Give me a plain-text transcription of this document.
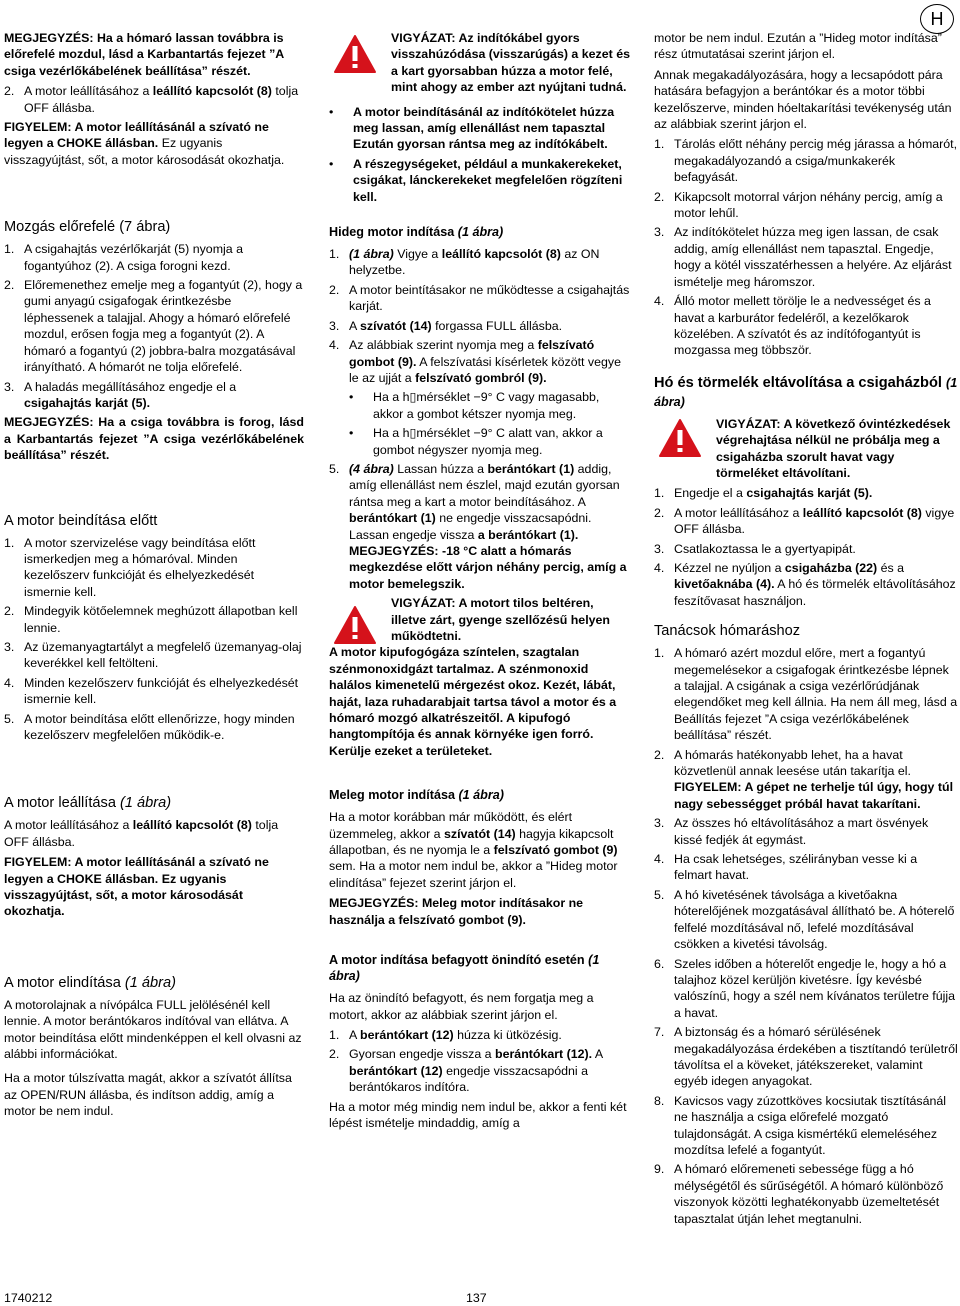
H

MEGJEGYZÉS: Ha a hómaró lassan továbbra is előrefelé mozdul, lásd a Karbantartás fejezet ”A csiga vezérlőkábelének beállítása” részét.

2. A motor leállításához a leállító kapcsolót (8) tolja OFF állásba.

FIGYELEM: A motor leállításánál a szívató ne legyen a CHOKE állásban. Ez ugyanis visszagyújtást, sőt, a motor károsodását okozhatja.

Mozgás előrefelé (7 ábra)
1. A csigahajtás vezérlőkarját (5) nyomja a fogantyúhoz (2). A csiga forogni kezd.
2. Előremenethez emelje meg a fogantyút (2), hogy a gumi anyagú csigafogak érintkezésbe léphessenek a talajjal. Ahogy a hómaró előrefelé mozdul, erősen fogja meg a fogantyút (2). A hómaró a fogantyú (2) jobbra-balra mozgatásával irányítható. A hómarót ne tolja előrefelé.
3. A haladás megállításához engedje el a csigahajtás karját (5).

MEGJEGYZÉS: Ha a csiga továbbra is forog, lásd a Karbantartás fejezet ”A csiga vezérlőkábelének beállítása” részét.

A motor beindítása előtt
1. A motor szervizelése vagy beindítása előtt ismerkedjen meg a hómaróval. Minden kezelőszerv funkcióját és elhelyezkedését ismernie kell.
2. Mindegyik kötőelemnek meghúzott állapotban kell lennie.
3. Az üzemanyagtartályt a megfelelő üzemanyag-olaj keverékkel kell feltölteni.
4. Minden kezelőszerv funkcióját és elhelyezkedését ismernie kell.
5. A motor beindítása előtt ellenőrizze, hogy minden kezelőszerv megfelelően működik-e.
A motor leállítása (1 ábra)

A motor leállításához a leállító kapcsolót (8) tolja OFF állásba.

FIGYELEM: A motor leállításánál a szívató ne legyen a CHOKE állásban. Ez ugyanis visszagyújtást, sőt, a motor károsodását okozhatja.

A motor elindítása (1 ábra)

A motorolajnak a nívópálca FULL jelölésénél kell lennie. A motor berántókaros indítóval van ellátva. A motor beindítása előtt mindenképpen el kell olvasni az alábbi információkat.

Ha a motor túlszívatta magát, akkor a szívatót állítsa az OPEN/RUN állásba, és indítson addig, amíg a motor be nem indul.

VIGYÁZAT: Az indítókábel gyors visszahúzódása (visszarúgás) a kezet és a kart gyorsabban húzza a motor felé, mint ahogy az ember azt nyújtani tudná.

•	A motor beindításánál az indítókötelet húzza meg lassan, amíg ellenállást nem tapasztal Ezután gyorsan rántsa meg az indítókábelt.
•	A részegységeket, például a munkakerekeket, csigákat, lánckerekeket megfelelően rögzíteni kell.
Hideg motor indítása (1 ábra)
1. (1 ábra) Vigye a leállító kapcsolót (8) az ON helyzetbe.
2. A motor beintításakor ne működtesse a csigahajtás karját.
3. A szívatót (14) forgassa FULL állásba.
4. Az alábbiak szerint nyomja meg a felszívató gombot (9). A felszívatási kísérletek között vegye le az ujját a felszívató gombról (9).
•	Ha a h▯mérséklet −9° C vagy magasabb, akkor a gombot kétszer nyomja meg.
•	Ha a h▯mérséklet −9° C alatt van, akkor a gombot négyszer nyomja meg.
5. (4 ábra) Lassan húzza a berántókart (1) addig, amíg ellenállást nem észlel, majd ezután gyorsan rántsa meg a kart a motor beindításához. A berántókart (1) ne engedje visszacsapódni. Lassan engedje vissza a berántókart (1).
MEGJEGYZÉS: -18 °C alatt a hómarás megkezdése előtt várjon néhány percig, amíg a motor bemelegszik.

VIGYÁZAT: A motort tilos beltéren, illetve zárt, gyenge szellőzésű helyen működtetni.

A motor kipufogógáza színtelen, szagtalan szénmonoxidgázt tartalmaz. A szénmonoxid halálos kimenetelű mérgezést okoz. Kezét, lábát, haját, laza ruhadarabjait tartsa távol a motor és a hómaró mozgó alkatrészeitől. A kipufogó hangtompítója és annak környéke igen forró. Kerülje ezeket a területeket.

Meleg motor indítása (1 ábra)

Ha a motor korábban már működött, és elért üzemmeleg, akkor a szívatót (14) hagyja kikapcsolt állapotban, és ne nyomja le a felszívató gombot (9) sem. Ha a motor nem indul be, akkor a ”Hideg motor elindítása” fejezet szerint járjon el.

MEGJEGYZÉS: Meleg motor indításakor ne használja a felszívató gombot (9).

A motor indítása befagyott önindító esetén (1 ábra)

Ha az önindító befagyott, és nem forgatja meg a motort, akkor az alábbiak szerint járjon el.

1. A berántókart (12) húzza ki ütközésig.
2. Gyorsan engedje vissza a berántókart (12). A berántókart (12) engedje visszacsapódni a berántókaros indítóra.

Ha a motor még mindig nem indul be, akkor a fenti két lépést ismételje mindaddig, amíg a

motor be nem indul. Ezután a ”Hideg motor indítása” rész útmutatásai szerint járjon el.

Annak megakadályozására, hogy a lecsapódott pára hatására befagyjon a berántókar és a motor többi kezelőszerve, minden hóeltakarítási tevékenység után az alábbiak szerint járjon el.

1. Tárolás előtt néhány percig még járassa a hómarót, megakadályozandó a csiga/munkakerék befagyását.
2. Kikapcsolt motorral várjon néhány percig, amíg a motor lehűl.
3. Az indítókötelet húzza meg igen lassan, de csak addig, amíg ellenállást nem tapasztal. Engedje, hogy a kötél visszatérhessen a helyére. Az eljárást ismételje meg háromszor.
4. Álló motor mellett törölje le a nedvességet és a havat a karburátor fedeléről, a kezelőkarok közelében. A szívatót és az indítófogantyút is mozgassa meg többször.
Hó és törmelék eltávolítása a csigaházból (1 ábra)

VIGYÁZAT: A következő óvintézkedések végrehajtása nélkül ne próbálja meg a csigaházba szorult havat vagy törmeléket eltávolítani.

1. Engedje el a csigahajtás karját (5).
2. A motor leállításához a leállító kapcsolót (8) vigye OFF állásba.
3. Csatlakoztassa le a gyertyapipát.
4. Kézzel ne nyúljon a csigaházba (22) és a kivetőaknába (4). A hó és törmelék eltávolításához feszítővasat használjon.
Tanácsok hómaráshoz
1. A hómaró azért mozdul előre, mert a fogantyú megemelésekor a csigafogak érintkezésbe lépnek a talajjal. A csigának a csiga vezérlőrúdjának elegendőket meg kell állnia. Ha nem áll meg, lásd a Beállítás fejezet ”A csiga vezérlőkábelének beállítása” részét.
2. A hómarás hatékonyabb lehet, ha a havat közvetlenül annak leesése után takarítja el.
FIGYELEM: A gépet ne terhelje túl úgy, hogy túl nagy sebességget próbál havat takarítani.
3. Az összes hó eltávolításához a mart ösvények kissé fedjék át egymást.
4. Ha csak lehetséges, szélirányban vesse ki a felmart havat.
5. A hó kivetésének távolsága a kivetőakna hóterelőjének mozgatásával állítható be. A hóterelő felfelé mozdításával nő, lefelé mozdításával csökken a kivetési távolság.
6. Szeles időben a hóterelőt engedje le, hogy a hó a talajhoz közel kerüljön kivetésre. Így kevésbé valószínű, hogy a szél nem kívánatos területre fújja a havat.
7. A biztonság és a hómaró sérülésének megakadályozása érdekében a tisztítandó területről távolítsa el a köveket, játékszereket, valamint egyéb idegen anyagokat.
8. Kavicsos vagy zúzottköves kocsiutak tisztításánál ne használja a csiga előrefelé mozgató tulajdonságát. A csiga kismértékű elemeléséhez mozdítsa lefelé a fogantyút.
9. A hómaró előremeneti sebessége függ a hó mélységétől és sűrűségétől. A hómaró különböző viszonyok közötti leghatékonyabb üzemeltetését tapasztalat útján lehet megtanulni.
1740212	137
